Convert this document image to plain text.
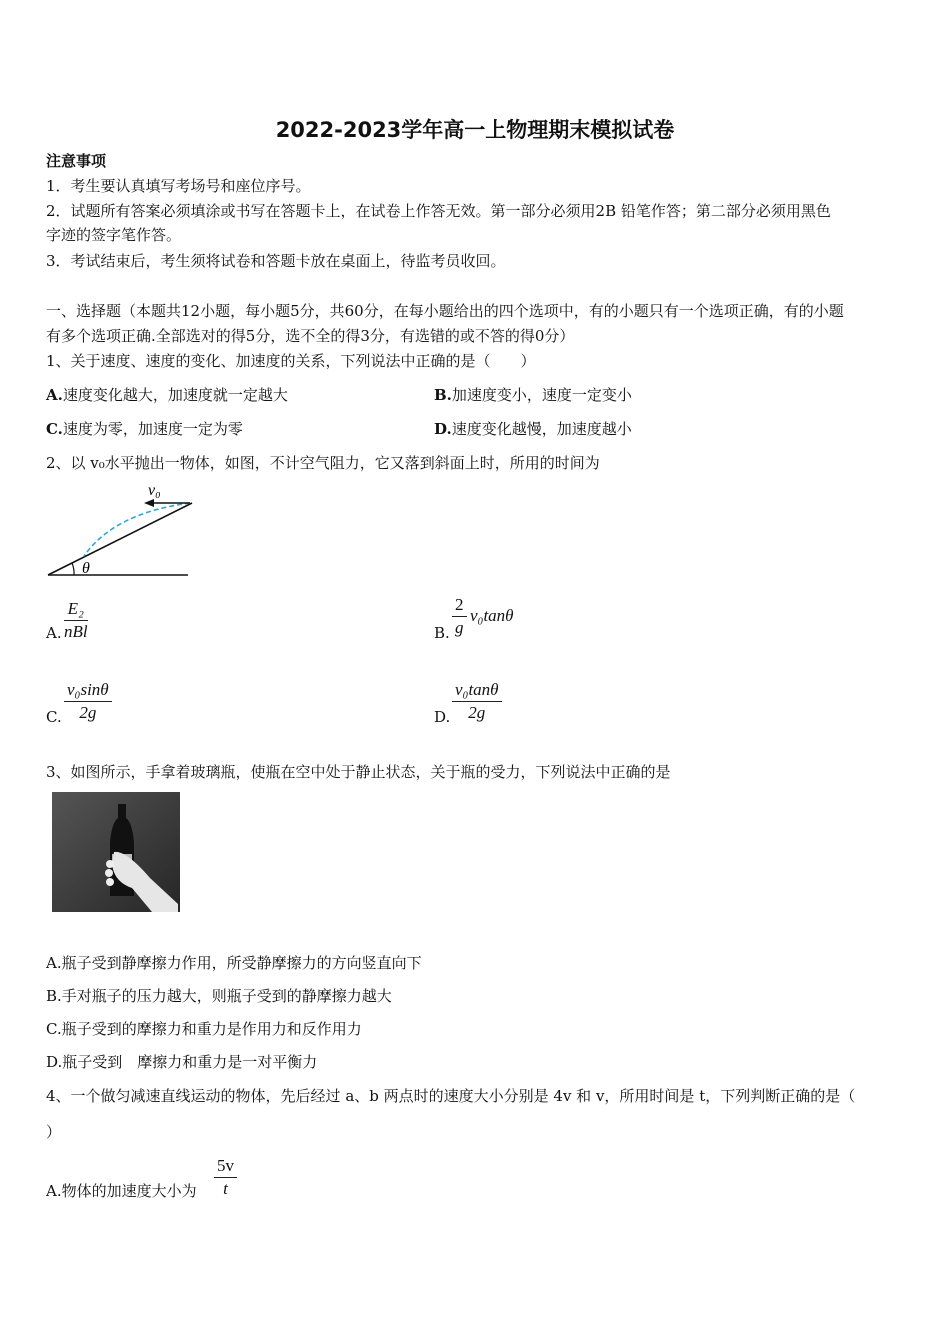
2022-2023学年高一上物理期末模拟试卷
注意事项
1．考生要认真填写考场号和座位序号。
2．试题所有答案必须填涂或书写在答题卡上，在试卷上作答无效。第一部分必须用2B 铅笔作答；第二部分必须用黑色
字迹的签字笔作答。
3．考试结束后，考生须将试卷和答题卡放在桌面上，待监考员收回。
一、选择题（本题共12小题，每小题5分，共60分，在每小题给出的四个选项中，有的小题只有一个选项正确，有的小题
有多个选项正确.全部选对的得5分，选不全的得3分，有选错的或不答的得0分）
1、关于速度、速度的变化、加速度的关系，下列说法中正确的是（　　）
A.速度变化越大，加速度就一定越大	B.加速度变小，速度一定变小
C.速度为零，加速度一定为零	D.速度变化越慢，加速度越小
2、以 v₀水平抛出一物体，如图，不计空气阻力，它又落到斜面上时，所用的时间为
v₀
θ
A.
E₂
nBl	B. $\frac{2}{g} v_0\tan\theta$
C. $\frac{\text{v₀sinθ}}{2g}$	D. $\frac{\text{v₀tanθ}}{2g}$
3、如图所示，手拿着玻璃瓶，使瓶在空中处于静止状态，关于瓶的受力，下列说法中正确的是
A.瓶子受到静摩擦力作用，所受静摩擦力的方向竖直向下
B.手对瓶子的压力越大，则瓶子受到的静摩擦力越大
C.瓶子受到的摩擦力和重力是作用力和反作用力
D.瓶子受到　摩擦力和重力是一对平衡力
4、一个做匀减速直线运动的物体，先后经过 a、b 两点时的速度大小分别是 4v 和 v，所用时间是 t，下列判断正确的是（
）
A.物体的加速度大小为 $\frac{5v}{t}$
